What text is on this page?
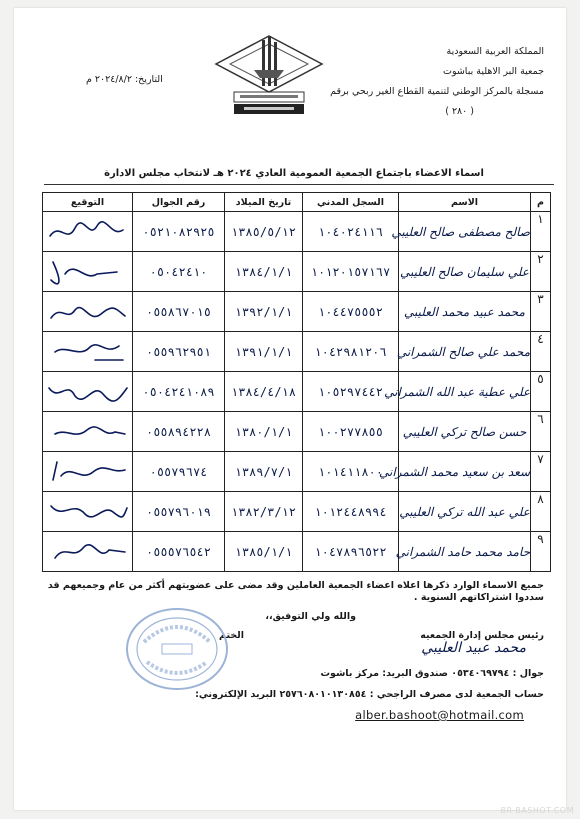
المملكة العربية السعودية
جمعية البر الاهلية بباشوت
مسجلة بالمركز الوطني لتنمية القطاع الغير ربحي برقم
( ٢٨٠ )
التاريخ: ٢٠٢٤/٨/٢ م
اسماء الاعضاء باجتماع الجمعية العمومية العادي ٢٠٢٤ هـ لانتخاب مجلس الادارة
م	الاسم	السجل المدني	تاريخ الميلاد	رقم الجوال	التوقيع
١	صالح مصطفى صالح العليبي	١٠٤٠٢٤١١٦	١٣٨٥/٥/١٢	٠٥٢١٠٨٢٩٢٥	

٢	علي سليمان صالح العليبي	١٠١٢٠١٥٧١٦٧	١٣٨٤/١/١	٠٥٠٤٢٤١٠	

٣	محمد عبيد محمد العليبي	١٠٤٤٧٥٥٥٢	١٣٩٢/١/١	٠٥٥٨٦٧٠١٥	

٤	محمد علي صالح الشمراني	١٠٤٢٩٨١٢٠٦	١٣٩١/١/١	٠٥٥٩٦٢٩٥١	

٥	علي عطية عبد الله الشمراني	١٠٥٢٩٧٤٤٢	١٣٨٤/٤/١٨	٠٥٠٤٢٤١٠٨٩	

٦	حسن صالح تركي العليبي	١٠٠٢٧٧٨٥٥	١٣٨٠/١/١	٠٥٥٨٩٤٢٢٨	

٧	سعد بن سعيد محمد الشمراني	١٠١٤١١٨٠٠	١٣٨٩/٧/١	٠٥٥٧٩٦٧٤	

٨	علي عبد الله تركي العليبي	١٠١٢٤٤٨٩٩٤	١٣٨٢/٣/١٢	٠٥٥٧٩٦٠١٩	

٩	حامد محمد حامد الشمراني	١٠٤٧٨٩٦٥٢٢	١٣٨٥/١/١	٠٥٥٥٧٦٥٤٢	
جميع الاسماء الوارد ذكرها اعلاه اعضاء الجمعية العاملين وقد مضى على عضويتهم أكثر من عام وجميعهم قد سددوا اشتراكاتهم السنوية .
والله ولي التوفيق،،
رئيس مجلس إدارة الجمعيه
محمد عبيد العليبي
الختم
جوال : ٠٥٣٤٠٦٩٧٩٤ صندوق البريد: مركز باشوت
حساب الجمعية لدى مصرف الراجحي : ٢٥٧٦٠٨٠١٠١٣٠٨٥٤ البريد الإلكتروني:
alber.bashoot@hotmail.com
BR-BASHOT.COM
